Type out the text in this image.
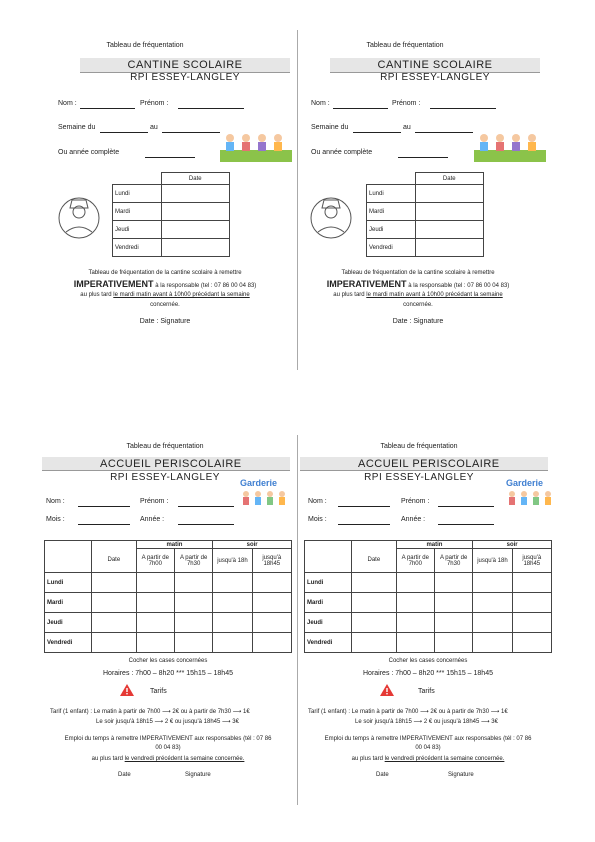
Tableau de fréquentation
CANTINE SCOLAIRE
RPI ESSEY-LANGLEY
Nom :	Prénom :
Semaine du	au
Ou année complète
	Date
Lundi	
Mardi	
Jeudi	
Vendredi	
Tableau de fréquentation de la cantine scolaire à remettre
IMPERATIVEMENT à la responsable (tel : 07 86 00 04 83)
au plus tard le mardi matin avant à 10h00 précédant la semaine
concernée.
Date : Signature
Tableau de fréquentation
CANTINE SCOLAIRE
RPI ESSEY-LANGLEY
Nom :	Prénom :
Semaine du	au
Ou année complète
	Date
Lundi	
Mardi	
Jeudi	
Vendredi	
Tableau de fréquentation de la cantine scolaire à remettre
IMPERATIVEMENT à la responsable (tel : 07 86 00 04 83)
au plus tard le mardi matin avant à 10h00 précédant la semaine
concernée.
Date : Signature
Tableau de fréquentation
ACCUEIL PERISCOLAIRE
RPI ESSEY-LANGLEY
Nom :	Prénom :
Mois :	Année :
Garderie
		matin		soir	
	Date	A partir de 7h00	A partir de 7h30	jusqu'à 18h	jusqu'à 18h45
Lundi					
Mardi					
Jeudi					
Vendredi					
Cocher les cases concernées
Horaires : 7h00 – 8h20 *** 15h15 – 18h45
Tarifs
Tarif (1 enfant) : Le matin à partir de 7h00 ⟶ 2€ ou à partir de 7h30 ⟶ 1€
Le soir jusqu'à 18h15 ⟶ 2 € ou jusqu'à 18h45 ⟶ 3€
Emploi du temps à remettre IMPERATIVEMENT aux responsables (tél : 07 86
00 04 83)
au plus tard le vendredi précédent la semaine concernée.
Date	Signature
Tableau de fréquentation
ACCUEIL PERISCOLAIRE
RPI ESSEY-LANGLEY
Nom :	Prénom :
Mois :	Année :
Garderie
		matin		soir	
	Date	A partir de 7h00	A partir de 7h30	jusqu'à 18h	jusqu'à 18h45
Lundi					
Mardi					
Jeudi					
Vendredi					
Cocher les cases concernées
Horaires : 7h00 – 8h20 *** 15h15 – 18h45
Tarifs
Tarif (1 enfant) : Le matin à partir de 7h00 ⟶ 2€ ou à partir de 7h30 ⟶ 1€
Le soir jusqu'à 18h15 ⟶ 2 € ou jusqu'à 18h45 ⟶ 3€
Emploi du temps à remettre IMPERATIVEMENT aux responsables (tél : 07 86
00 04 83)
au plus tard le vendredi précédent la semaine concernée.
Date	Signature
